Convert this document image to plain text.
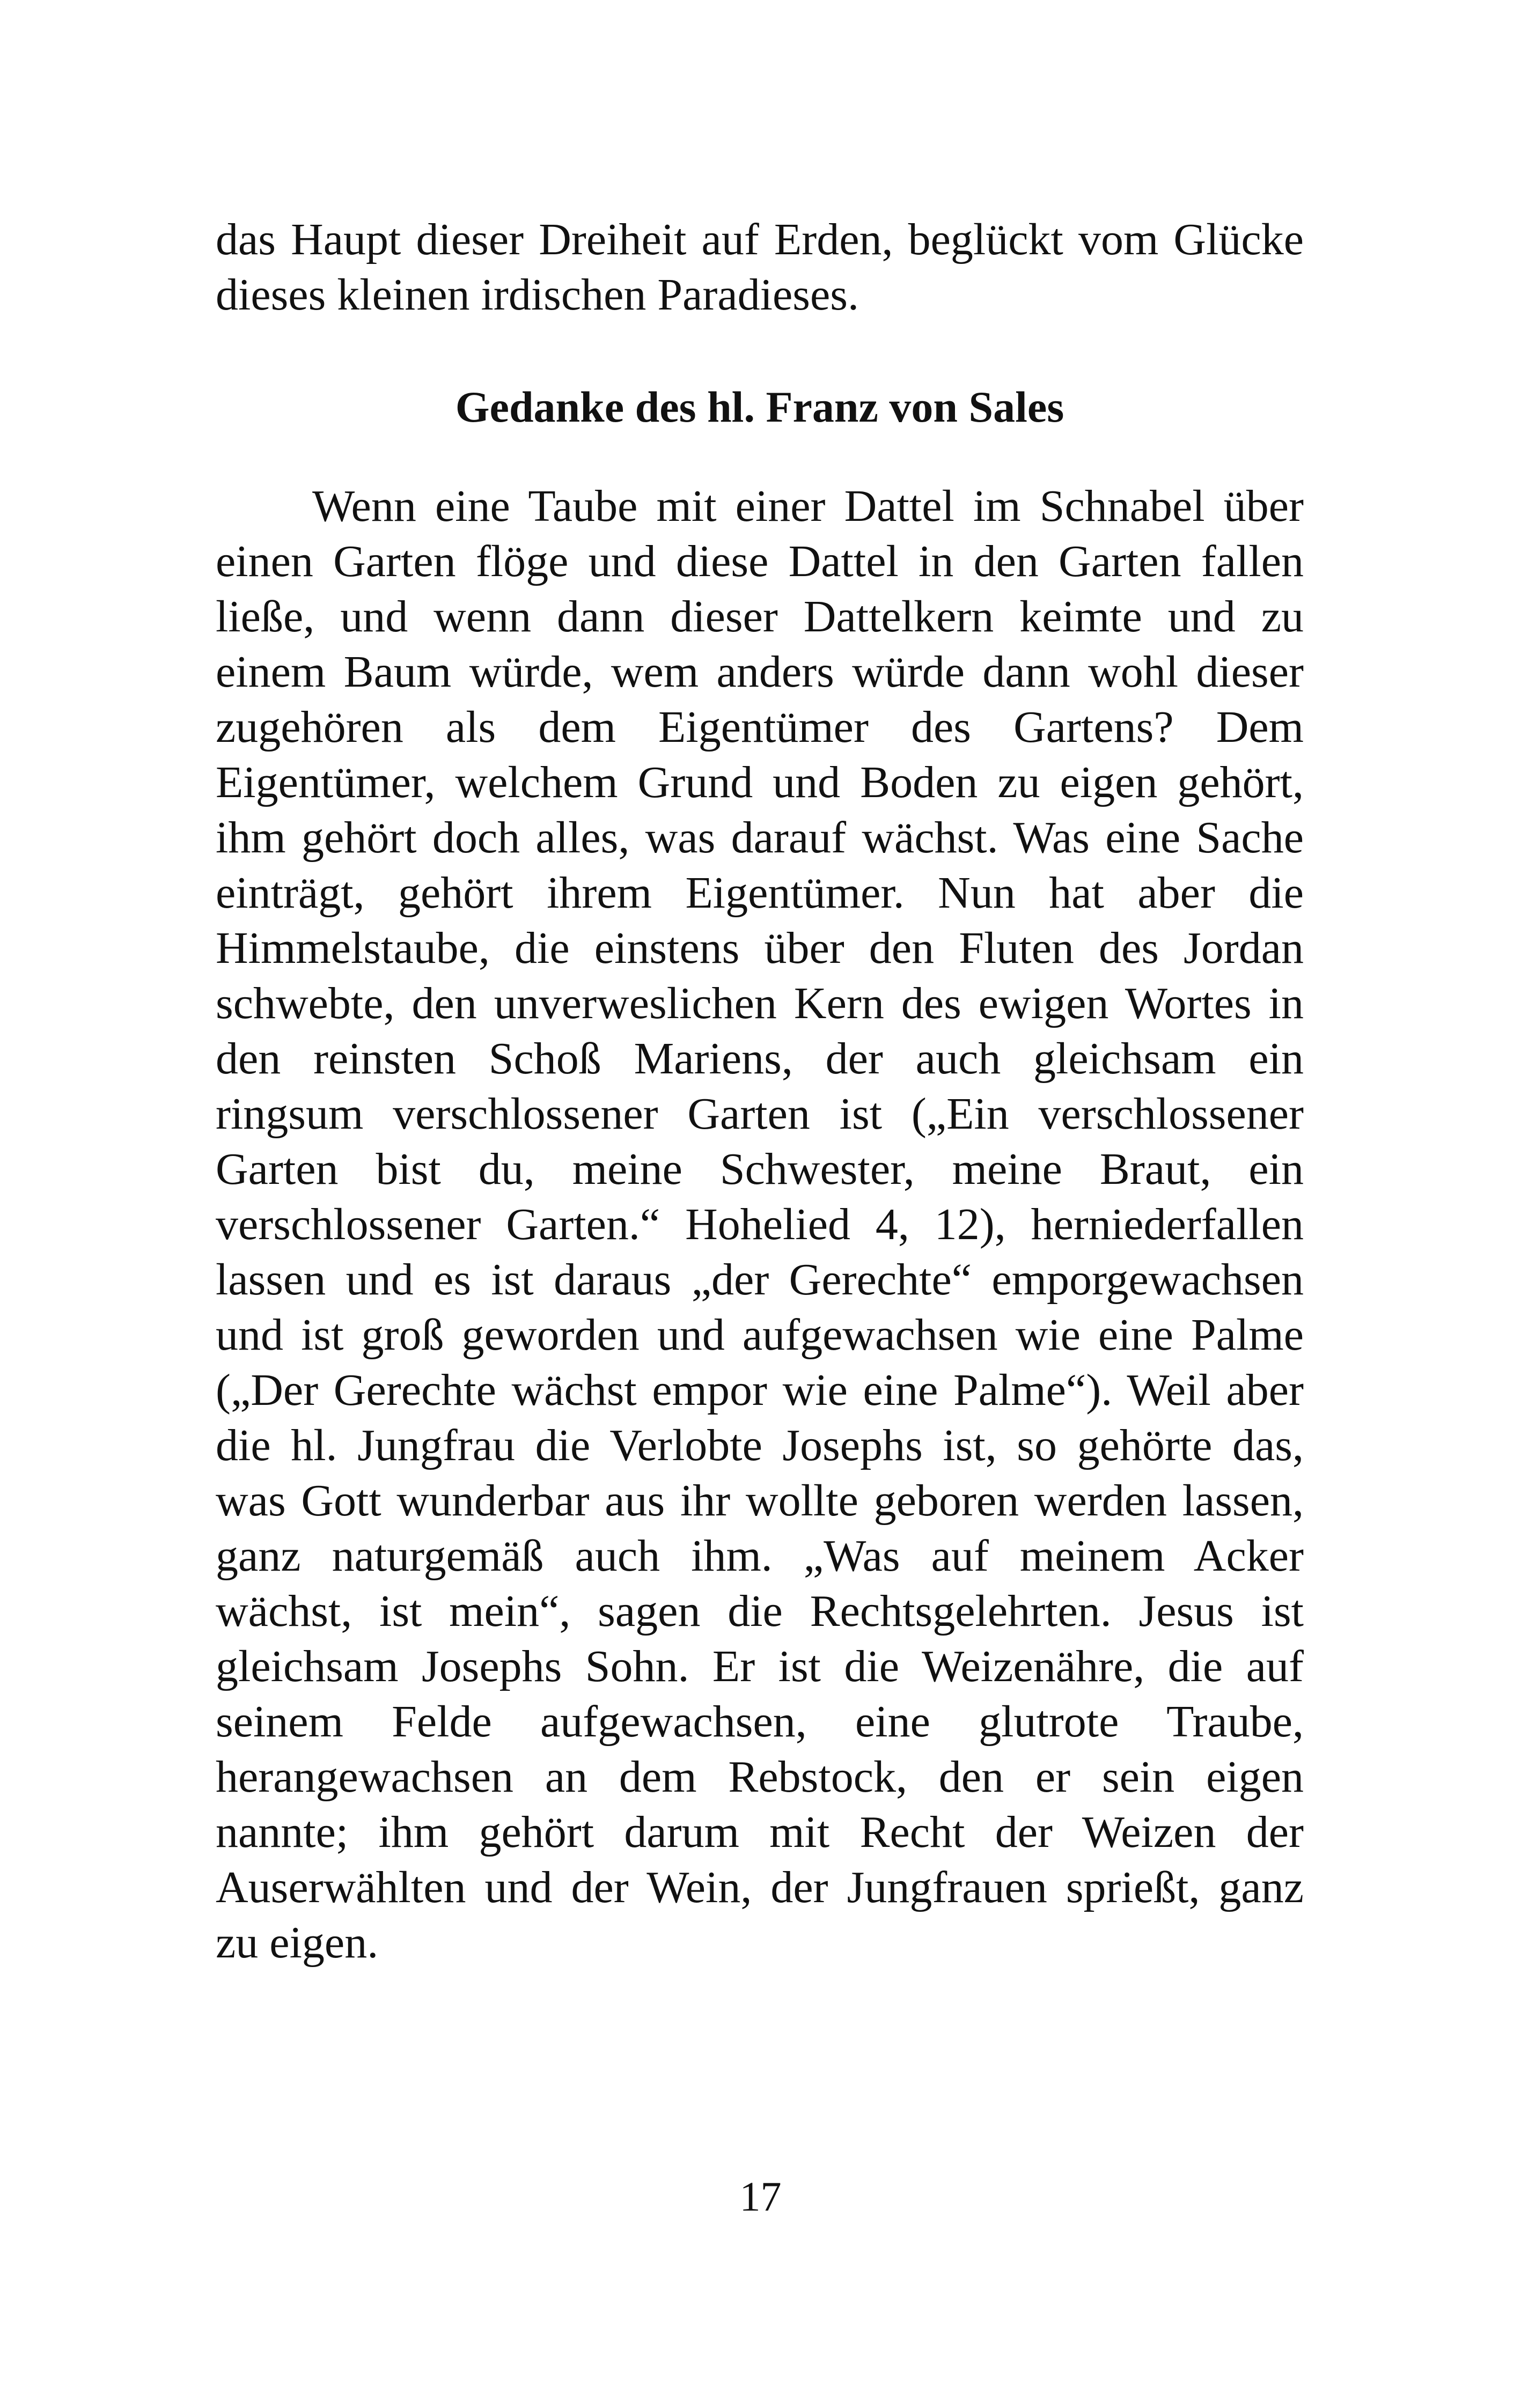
das Haupt dieser Dreiheit auf Erden, beglückt vom Glücke dieses kleinen irdischen Paradieses.

Gedanke des hl. Franz von Sales

Wenn eine Taube mit einer Dattel im Schnabel über einen Garten flöge und diese Dattel in den Garten fallen ließe, und wenn dann dieser Dattelkern keimte und zu einem Baum würde, wem anders würde dann wohl dieser zugehören als dem Eigentümer des Gartens? Dem Eigentümer, welchem Grund und Boden zu eigen gehört, ihm gehört doch alles, was darauf wächst. Was eine Sache einträgt, gehört ihrem Eigentümer. Nun hat aber die Himmelstaube, die einstens über den Fluten des Jordan schwebte, den unverweslichen Kern des ewigen Wortes in den reinsten Schoß Mariens, der auch gleichsam ein ringsum verschlossener Garten ist („Ein verschlossener Garten bist du, meine Schwester, meine Braut, ein verschlossener Garten.“ Hohelied 4, 12), herniederfallen lassen und es ist daraus „der Gerechte“ emporgewachsen und ist groß geworden und aufgewachsen wie eine Palme („Der Gerechte wächst empor wie eine Palme“). Weil aber die hl. Jungfrau die Verlobte Josephs ist, so gehörte das, was Gott wunderbar aus ihr wollte geboren werden lassen, ganz naturgemäß auch ihm. „Was auf meinem Acker wächst, ist mein“, sagen die Rechtsgelehrten. Jesus ist gleichsam Josephs Sohn. Er ist die Weizenähre, die auf seinem Felde aufgewachsen, eine glutrote Traube, herangewachsen an dem Rebstock, den er sein eigen nannte; ihm gehört darum mit Recht der Weizen der Auserwählten und der Wein, der Jungfrauen sprießt, ganz zu eigen.

17
